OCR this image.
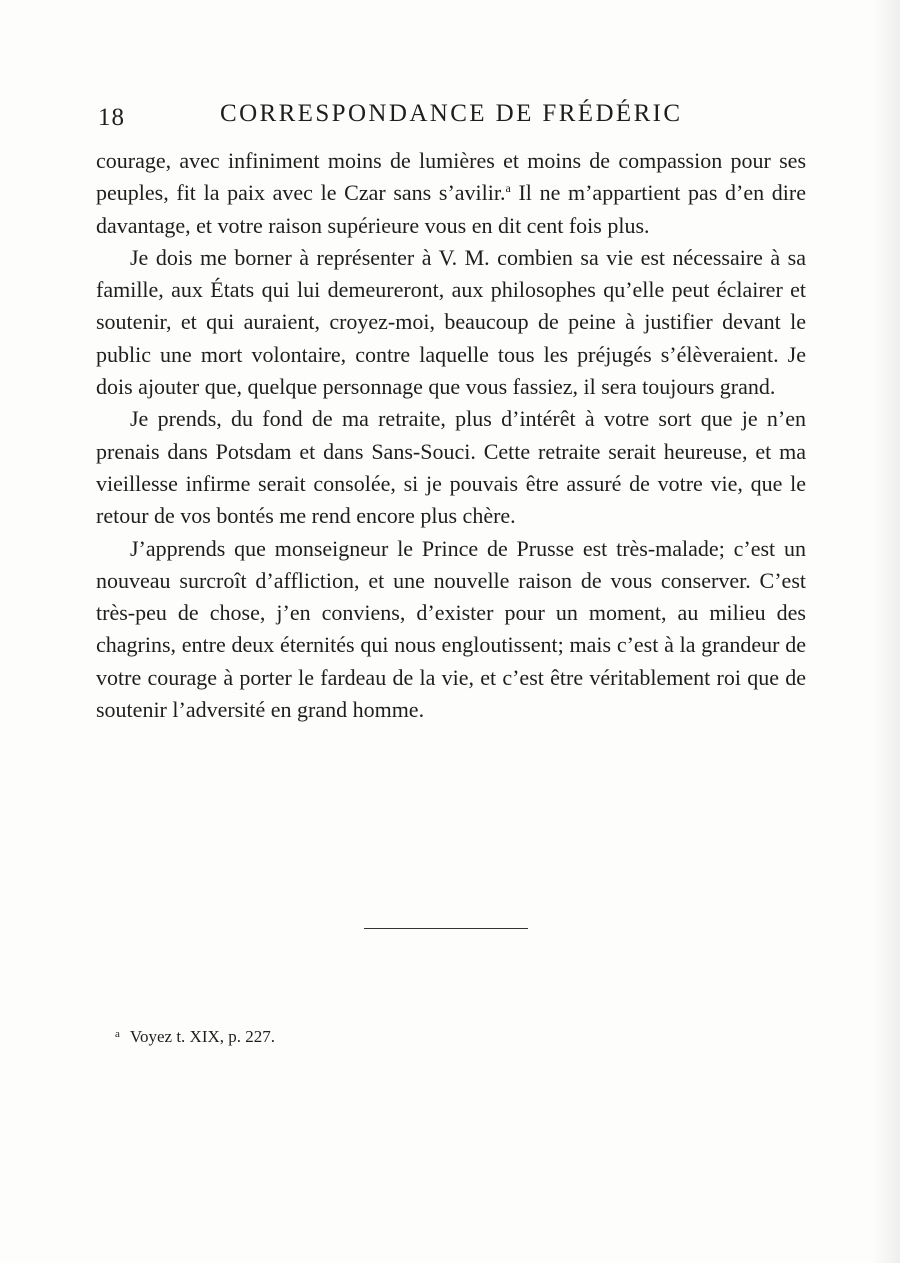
18	CORRESPONDANCE DE FRÉDÉRIC

courage, avec infiniment moins de lumières et moins de compassion pour ses peuples, fit la paix avec le Czar sans s’avilir.$^a$ Il ne m’appartient pas d’en dire davantage, et votre raison supérieure vous en dit cent fois plus.

Je dois me borner à représenter à V. M. combien sa vie est nécessaire à sa famille, aux États qui lui demeureront, aux philosophes qu’elle peut éclairer et soutenir, et qui auraient, croyez-moi, beaucoup de peine à justifier devant le public une mort volontaire, contre laquelle tous les préjugés s’élèveraient. Je dois ajouter que, quelque personnage que vous fassiez, il sera toujours grand.

Je prends, du fond de ma retraite, plus d’intérêt à votre sort que je n’en prenais dans Potsdam et dans Sans-Souci. Cette retraite serait heureuse, et ma vieillesse infirme serait consolée, si je pouvais être assuré de votre vie, que le retour de vos bontés me rend encore plus chère.

J’apprends que monseigneur le Prince de Prusse est très-malade; c’est un nouveau surcroît d’affliction, et une nouvelle raison de vous conserver. C’est très-peu de chose, j’en conviens, d’exister pour un moment, au milieu des chagrins, entre deux éternités qui nous engloutissent; mais c’est à la grandeur de votre courage à porter le fardeau de la vie, et c’est être véritablement roi que de soutenir l’adversité en grand homme.

$^a$ Voyez t. XIX, p. 227.
